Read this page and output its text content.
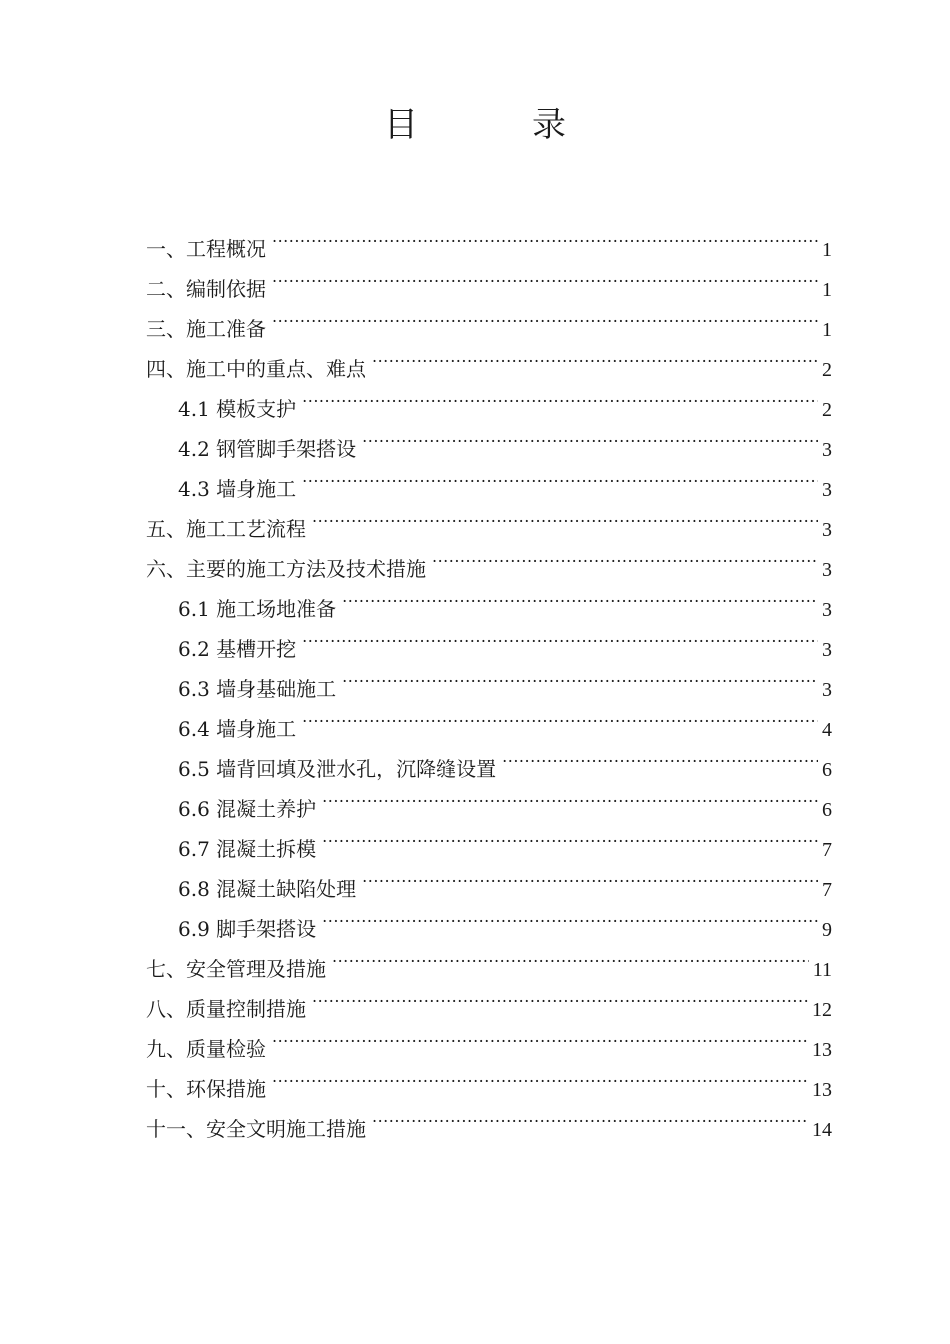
目　录
一、工程概况 .....	1
二、编制依据 .....	1
三、施工准备 .....	1
四、施工中的重点、难点 .....	2
4.1 模板支护 .....	2
4.2 钢管脚手架搭设 .....	3
4.3 墙身施工 .....	3
五、施工工艺流程 .....	3
六、主要的施工方法及技术措施 .....	3
6.1 施工场地准备 .....	3
6.2 基槽开挖 .....	3
6.3 墙身基础施工 .....	3
6.4 墙身施工 .....	4
6.5 墙背回填及泄水孔，沉降缝设置 .....	6
6.6 混凝土养护 .....	6
6.7 混凝土拆模 .....	7
6.8 混凝土缺陷处理 .....	7
6.9 脚手架搭设 .....	9
七、安全管理及措施 .....	11
八、质量控制措施 .....	12
九、质量检验 .....	13
十、环保措施 .....	13
十一、安全文明施工措施 .....	14
